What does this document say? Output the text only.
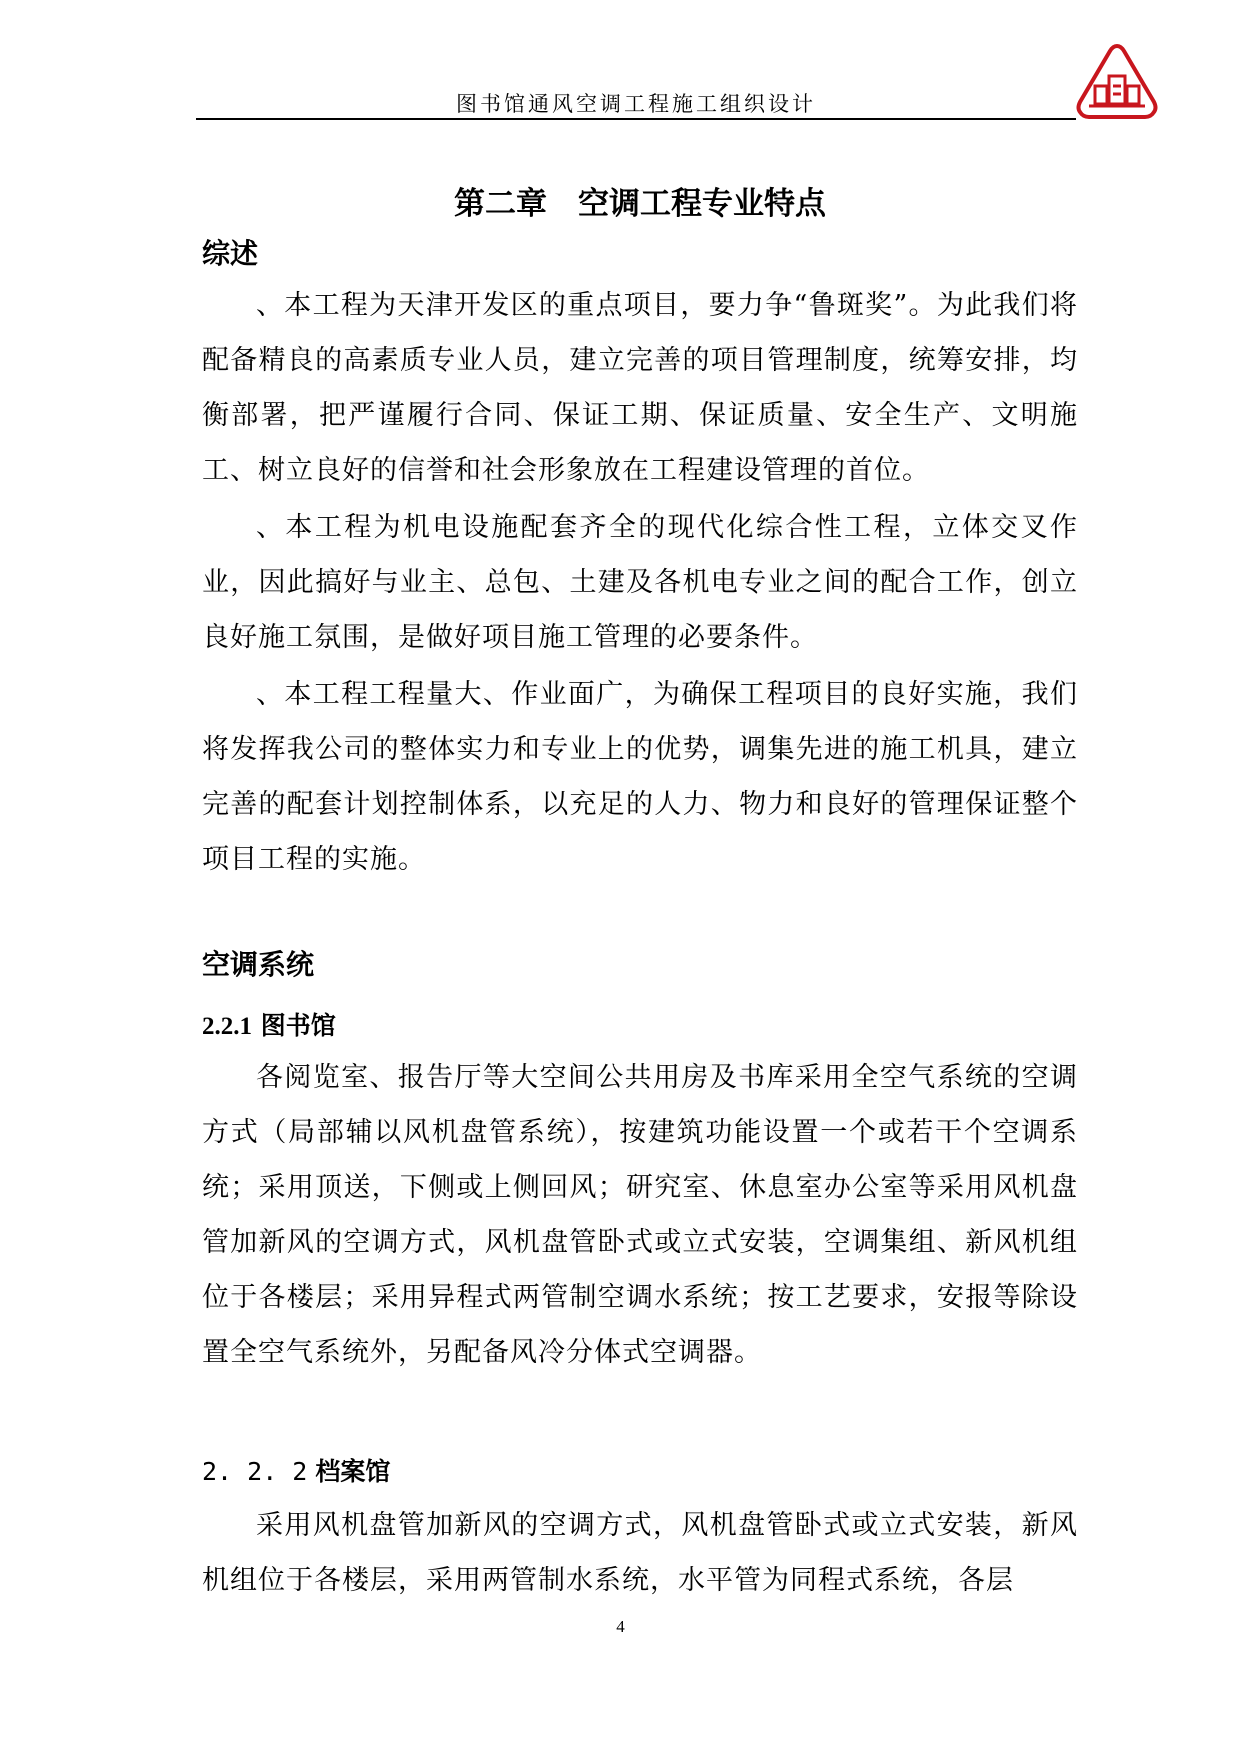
图书馆通风空调工程施工组织设计
第二章　空调工程专业特点
综述

、本工程为天津开发区的重点项目，要力争“鲁斑奖”。为此我们将配备精良的高素质专业人员，建立完善的项目管理制度，统筹安排，均衡部署，把严谨履行合同、保证工期、保证质量、安全生产、文明施工、树立良好的信誉和社会形象放在工程建设管理的首位。

、本工程为机电设施配套齐全的现代化综合性工程，立体交叉作业，因此搞好与业主、总包、土建及各机电专业之间的配合工作，创立良好施工氛围，是做好项目施工管理的必要条件。

、本工程工程量大、作业面广，为确保工程项目的良好实施，我们将发挥我公司的整体实力和专业上的优势，调集先进的施工机具，建立完善的配套计划控制体系，以充足的人力、物力和良好的管理保证整个项目工程的实施。

空调系统
2.2.1 图书馆

各阅览室、报告厅等大空间公共用房及书库采用全空气系统的空调方式（局部辅以风机盘管系统），按建筑功能设置一个或若干个空调系统；采用顶送，下侧或上侧回风；研究室、休息室办公室等采用风机盘管加新风的空调方式，风机盘管卧式或立式安装，空调集组、新风机组位于各楼层；采用异程式两管制空调水系统；按工艺要求，安报等除设置全空气系统外，另配备风冷分体式空调器。

2. 2. 2 档案馆

采用风机盘管加新风的空调方式，风机盘管卧式或立式安装，新风机组位于各楼层，采用两管制水系统，水平管为同程式系统，各层

4
